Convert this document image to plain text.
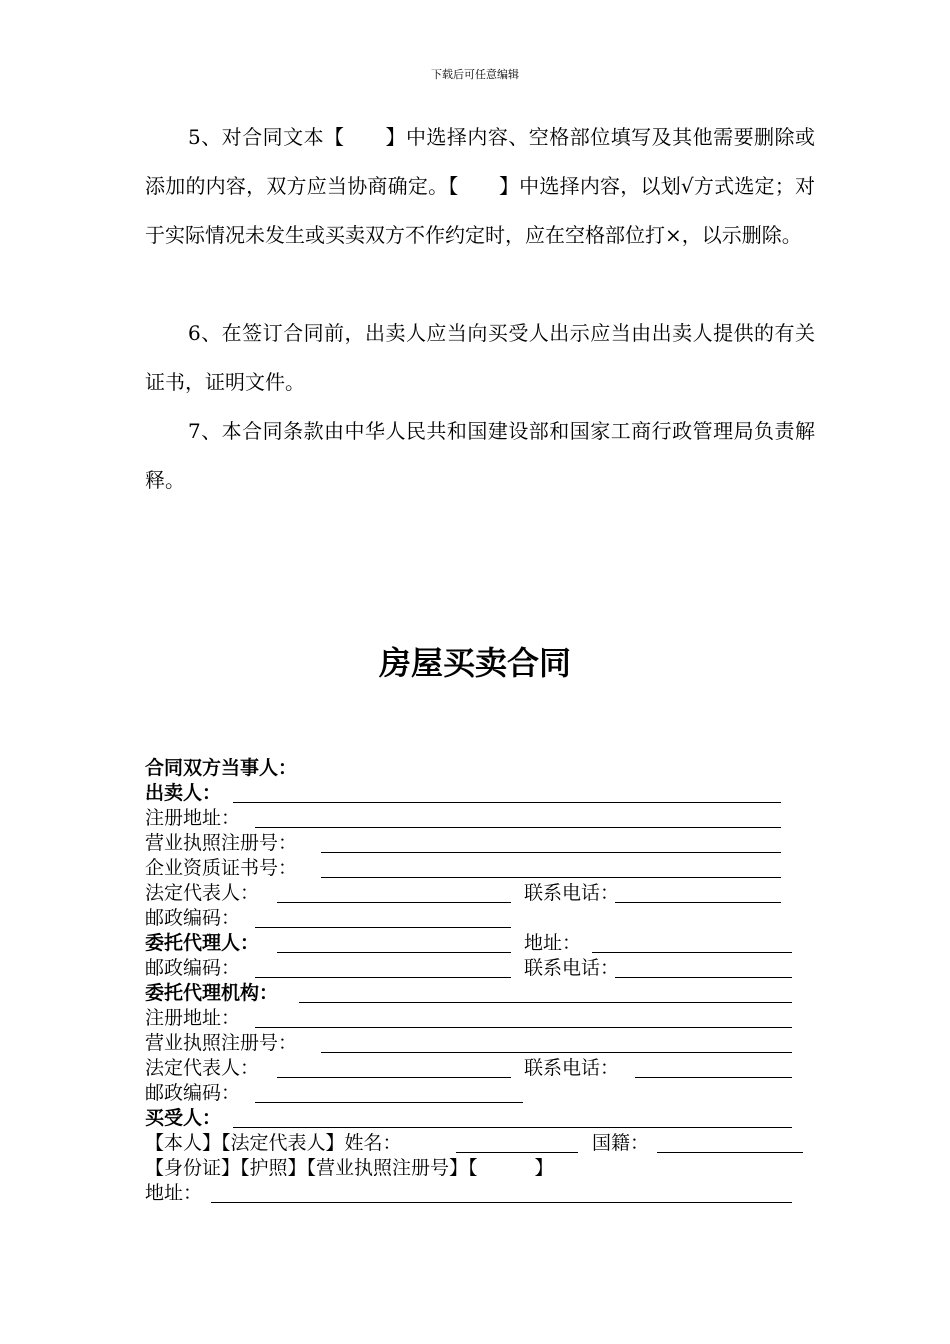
下载后可任意编辑
5、对合同文本【　　】中选择内容、空格部位填写及其他需要删除或添加的内容，双方应当协商确定。【　　】中选择内容，以划√方式选定；对于实际情况未发生或买卖双方不作约定时，应在空格部位打×，以示删除。
6、在签订合同前，出卖人应当向买受人出示应当由出卖人提供的有关证书，证明文件。
7、本合同条款由中华人民共和国建设部和国家工商行政管理局负责解释。
房屋买卖合同
合同双方当事人：
出卖人：
注册地址：
营业执照注册号：
企业资质证书号：
法定代表人：	联系电话：
邮政编码：
委托代理人：	地址：
邮政编码：	联系电话：
委托代理机构：
注册地址：
营业执照注册号：
法定代表人：	联系电话：
邮政编码：
买受人：
【本人】【法定代表人】姓名：	国籍：
【身份证】【护照】【营业执照注册号】【　　　】
地址：
